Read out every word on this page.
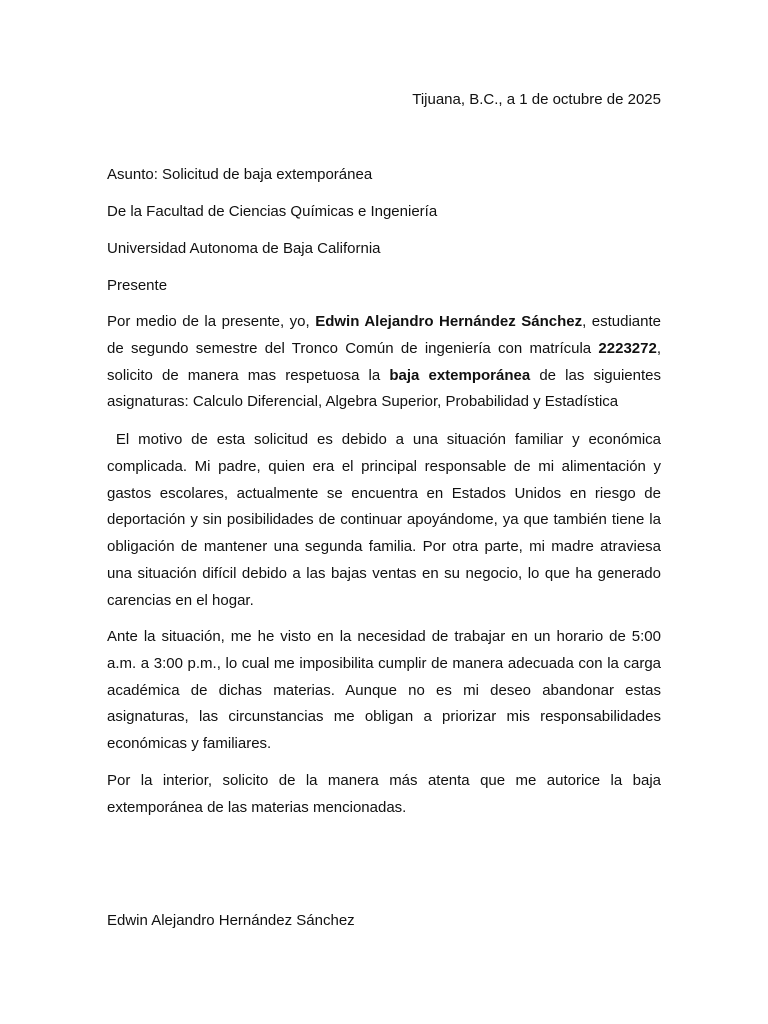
Tijuana, B.C., a 1 de octubre de 2025
Asunto: Solicitud de baja extemporánea
De la Facultad de Ciencias Químicas e Ingeniería
Universidad Autonoma de Baja California
Presente

Por medio de la presente, yo, Edwin Alejandro Hernández Sánchez, estudiante de segundo semestre del Tronco Común de ingeniería con matrícula 2223272, solicito de manera mas respetuosa la baja extemporánea de las siguientes asignaturas: Calculo Diferencial, Algebra Superior, Probabilidad y Estadística

El motivo de esta solicitud es debido a una situación familiar y económica complicada. Mi padre, quien era el principal responsable de mi alimentación y gastos escolares, actualmente se encuentra en Estados Unidos en riesgo de deportación y sin posibilidades de continuar apoyándome, ya que también tiene la obligación de mantener una segunda familia. Por otra parte, mi madre atraviesa una situación difícil debido a las bajas ventas en su negocio, lo que ha generado carencias en el hogar.

Ante la situación, me he visto en la necesidad de trabajar en un horario de 5:00 a.m. a 3:00 p.m., lo cual me imposibilita cumplir de manera adecuada con la carga académica de dichas materias. Aunque no es mi deseo abandonar estas asignaturas, las circunstancias me obligan a priorizar mis responsabilidades económicas y familiares.

Por la interior, solicito de la manera más atenta que me autorice la baja extemporánea de las materias mencionadas.

Edwin Alejandro Hernández Sánchez
